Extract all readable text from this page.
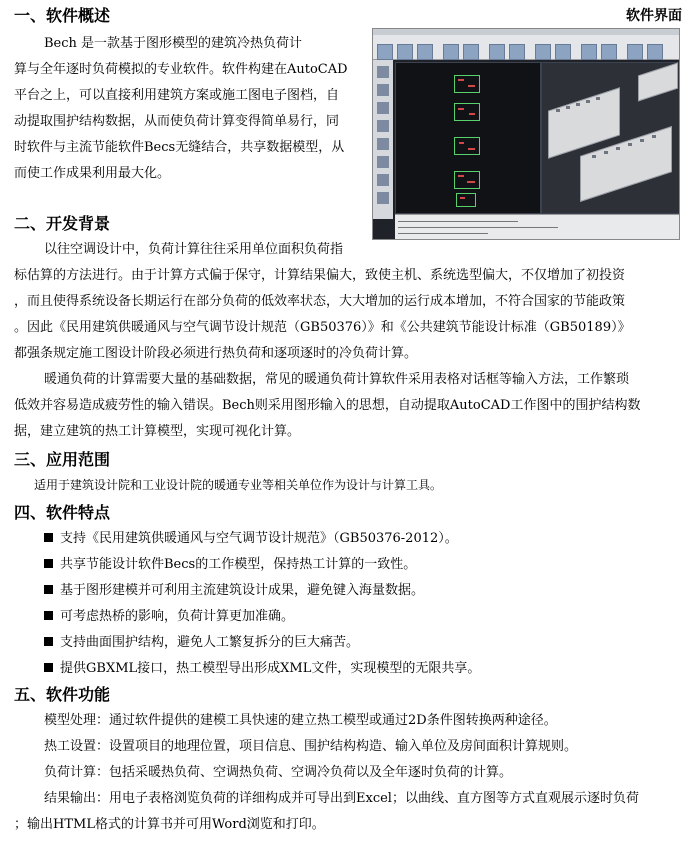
软件界面
一、软件概述
Bech 是一款基于图形模型的建筑冷热负荷计
算与全年逐时负荷模拟的专业软件。软件构建在AutoCAD
平台之上，可以直接利用建筑方案或施工图电子图档，自
动提取围护结构数据，从而使负荷计算变得简单易行，同
时软件与主流节能软件Becs无缝结合，共享数据模型，从
而使工作成果利用最大化。
二、开发背景
以往空调设计中，负荷计算往往采用单位面积负荷指
标估算的方法进行。由于计算方式偏于保守，计算结果偏大，致使主机、系统选型偏大，不仅增加了初投资
，而且使得系统设备长期运行在部分负荷的低效率状态，大大增加的运行成本增加，不符合国家的节能政策
。因此《民用建筑供暖通风与空气调节设计规范（GB50376）》和《公共建筑节能设计标准（GB50189）》
都强条规定施工图设计阶段必须进行热负荷和逐项逐时的冷负荷计算。
暖通负荷的计算需要大量的基础数据，常见的暖通负荷计算软件采用表格对话框等输入方法，工作繁琐
低效并容易造成疲劳性的输入错误。Bech则采用图形输入的思想，自动提取AutoCAD工作图中的围护结构数
据，建立建筑的热工计算模型，实现可视化计算。
三、应用范围
适用于建筑设计院和工业设计院的暖通专业等相关单位作为设计与计算工具。
四、软件特点
支持《民用建筑供暖通风与空气调节设计规范》（GB50376-2012）。
共享节能设计软件Becs的工作模型，保持热工计算的一致性。
基于图形建模并可利用主流建筑设计成果，避免键入海量数据。
可考虑热桥的影响，负荷计算更加准确。
支持曲面围护结构，避免人工繁复拆分的巨大痛苦。
提供GBXML接口，热工模型导出形成XML文件，实现模型的无限共享。
五、软件功能
模型处理：通过软件提供的建模工具快速的建立热工模型或通过2D条件图转换两种途径。
热工设置：设置项目的地理位置，项目信息、围护结构构造、输入单位及房间面积计算规则。
负荷计算：包括采暖热负荷、空调热负荷、空调冷负荷以及全年逐时负荷的计算。
结果输出：用电子表格浏览负荷的详细构成并可导出到Excel；以曲线、直方图等方式直观展示逐时负荷
；输出HTML格式的计算书并可用Word浏览和打印。
